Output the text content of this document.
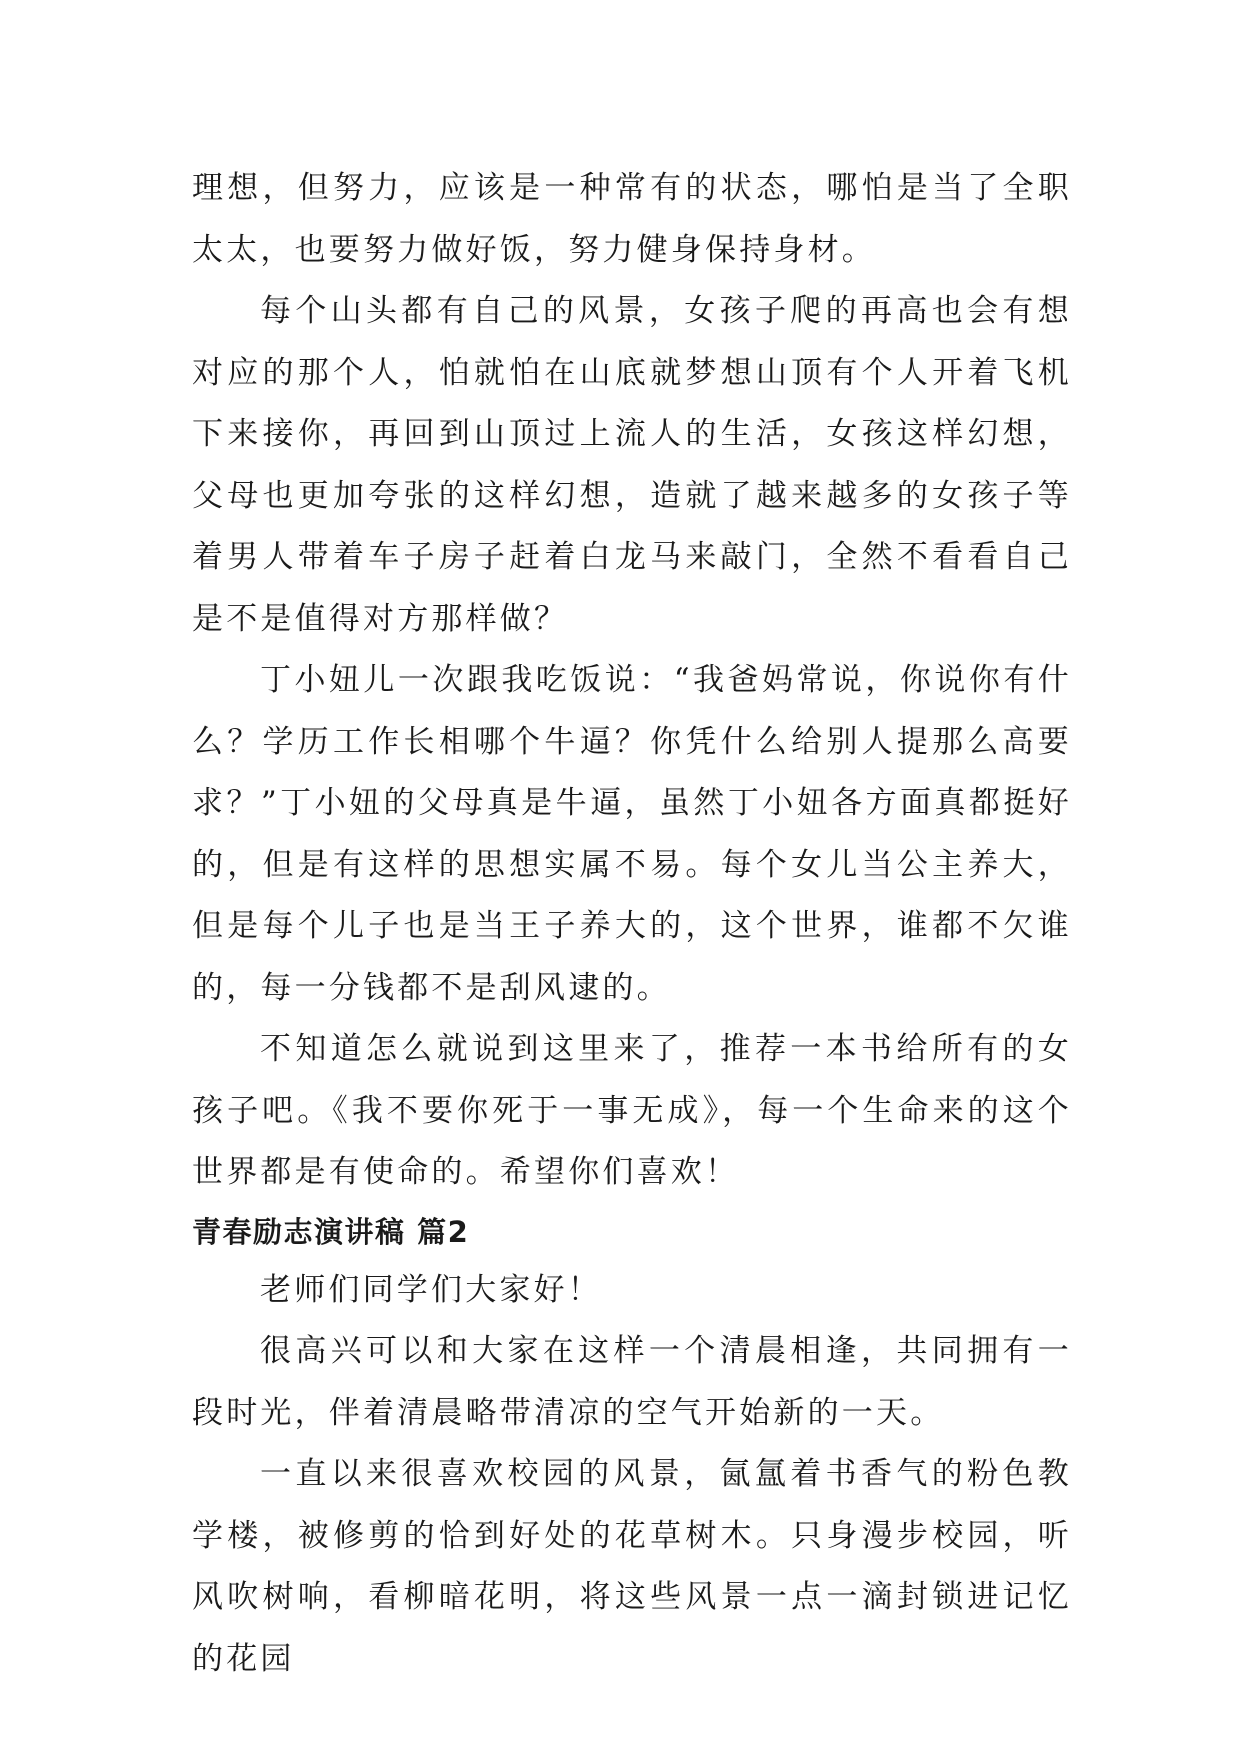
理想，但努力，应该是一种常有的状态，哪怕是当了全职太太，也要努力做好饭，努力健身保持身材。

每个山头都有自己的风景，女孩子爬的再高也会有想对应的那个人，怕就怕在山底就梦想山顶有个人开着飞机下来接你，再回到山顶过上流人的生活，女孩这样幻想，父母也更加夸张的这样幻想，造就了越来越多的女孩子等着男人带着车子房子赶着白龙马来敲门，全然不看看自己是不是值得对方那样做？

丁小妞儿一次跟我吃饭说：“我爸妈常说，你说你有什么？学历工作长相哪个牛逼？你凭什么给别人提那么高要求？”丁小妞的父母真是牛逼，虽然丁小妞各方面真都挺好的，但是有这样的思想实属不易。每个女儿当公主养大，但是每个儿子也是当王子养大的，这个世界，谁都不欠谁的，每一分钱都不是刮风逮的。

不知道怎么就说到这里来了，推荐一本书给所有的女孩子吧。《我不要你死于一事无成》，每一个生命来的这个世界都是有使命的。希望你们喜欢！

青春励志演讲稿 篇2

老师们同学们大家好！

很高兴可以和大家在这样一个清晨相逢，共同拥有一段时光，伴着清晨略带清凉的空气开始新的一天。

一直以来很喜欢校园的风景，氤氲着书香气的粉色教学楼，被修剪的恰到好处的花草树木。只身漫步校园，听风吹树响，看柳暗花明，将这些风景一点一滴封锁进记忆的花园
